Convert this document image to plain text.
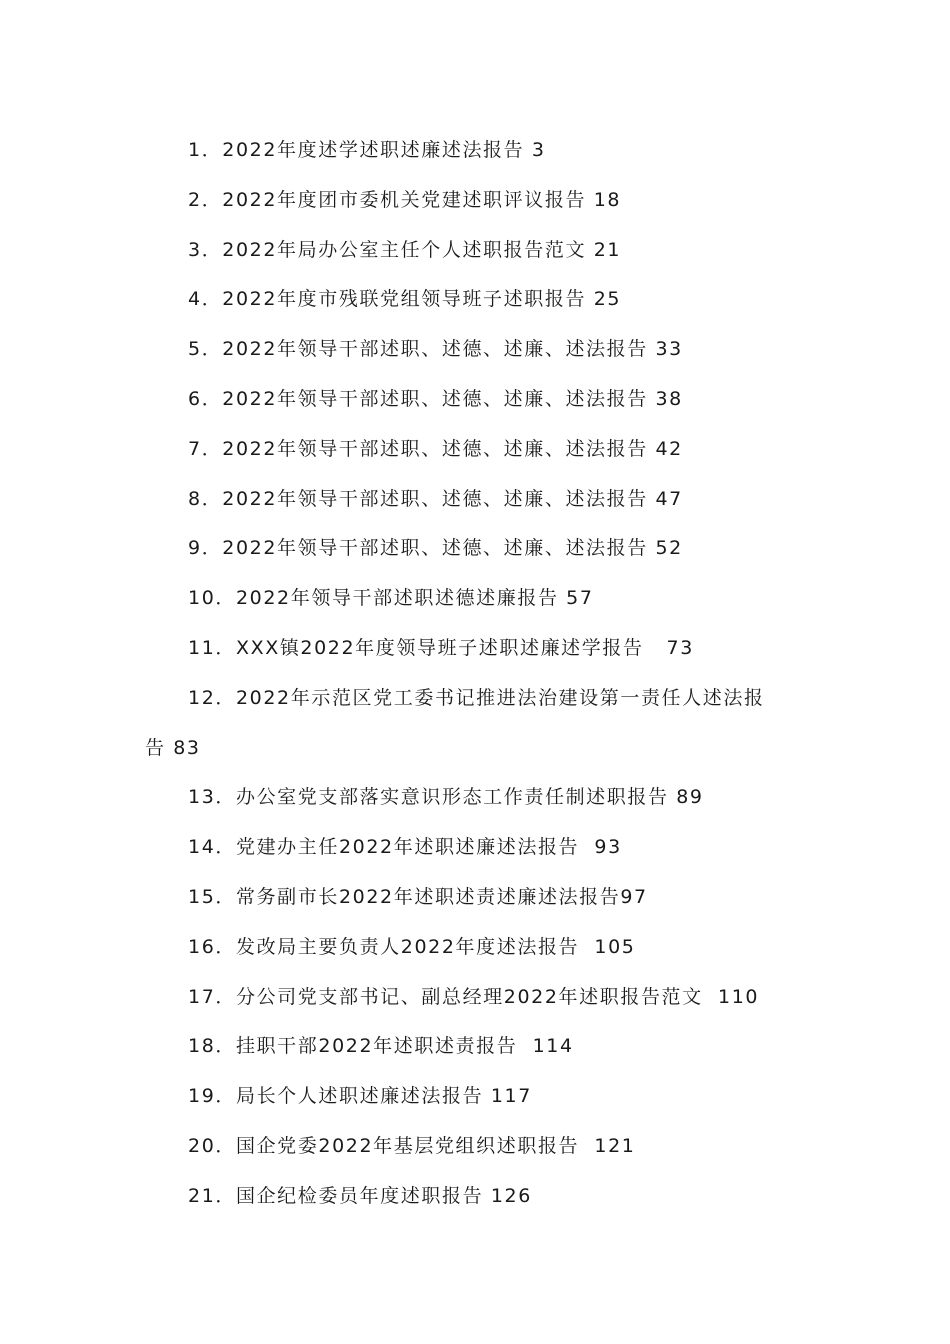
1．2022年度述学述职述廉述法报告 3
2．2022年度团市委机关党建述职评议报告 18
3．2022年局办公室主任个人述职报告范文 21
4．2022年度市残联党组领导班子述职报告 25
5．2022年领导干部述职、述德、述廉、述法报告 33
6．2022年领导干部述职、述德、述廉、述法报告 38
7．2022年领导干部述职、述德、述廉、述法报告 42
8．2022年领导干部述职、述德、述廉、述法报告 47
9．2022年领导干部述职、述德、述廉、述法报告 52
10．2022年领导干部述职述德述廉报告 57
11．XXX镇2022年度领导班子述职述廉述学报告   73
12．2022年示范区党工委书记推进法治建设第一责任人述法报
告 83
13．办公室党支部落实意识形态工作责任制述职报告 89
14．党建办主任2022年述职述廉述法报告  93
15．常务副市长2022年述职述责述廉述法报告97
16．发改局主要负责人2022年度述法报告  105
17．分公司党支部书记、副总经理2022年述职报告范文  110
18．挂职干部2022年述职述责报告  114
19．局长个人述职述廉述法报告 117
20．国企党委2022年基层党组织述职报告  121
21．国企纪检委员年度述职报告 126
